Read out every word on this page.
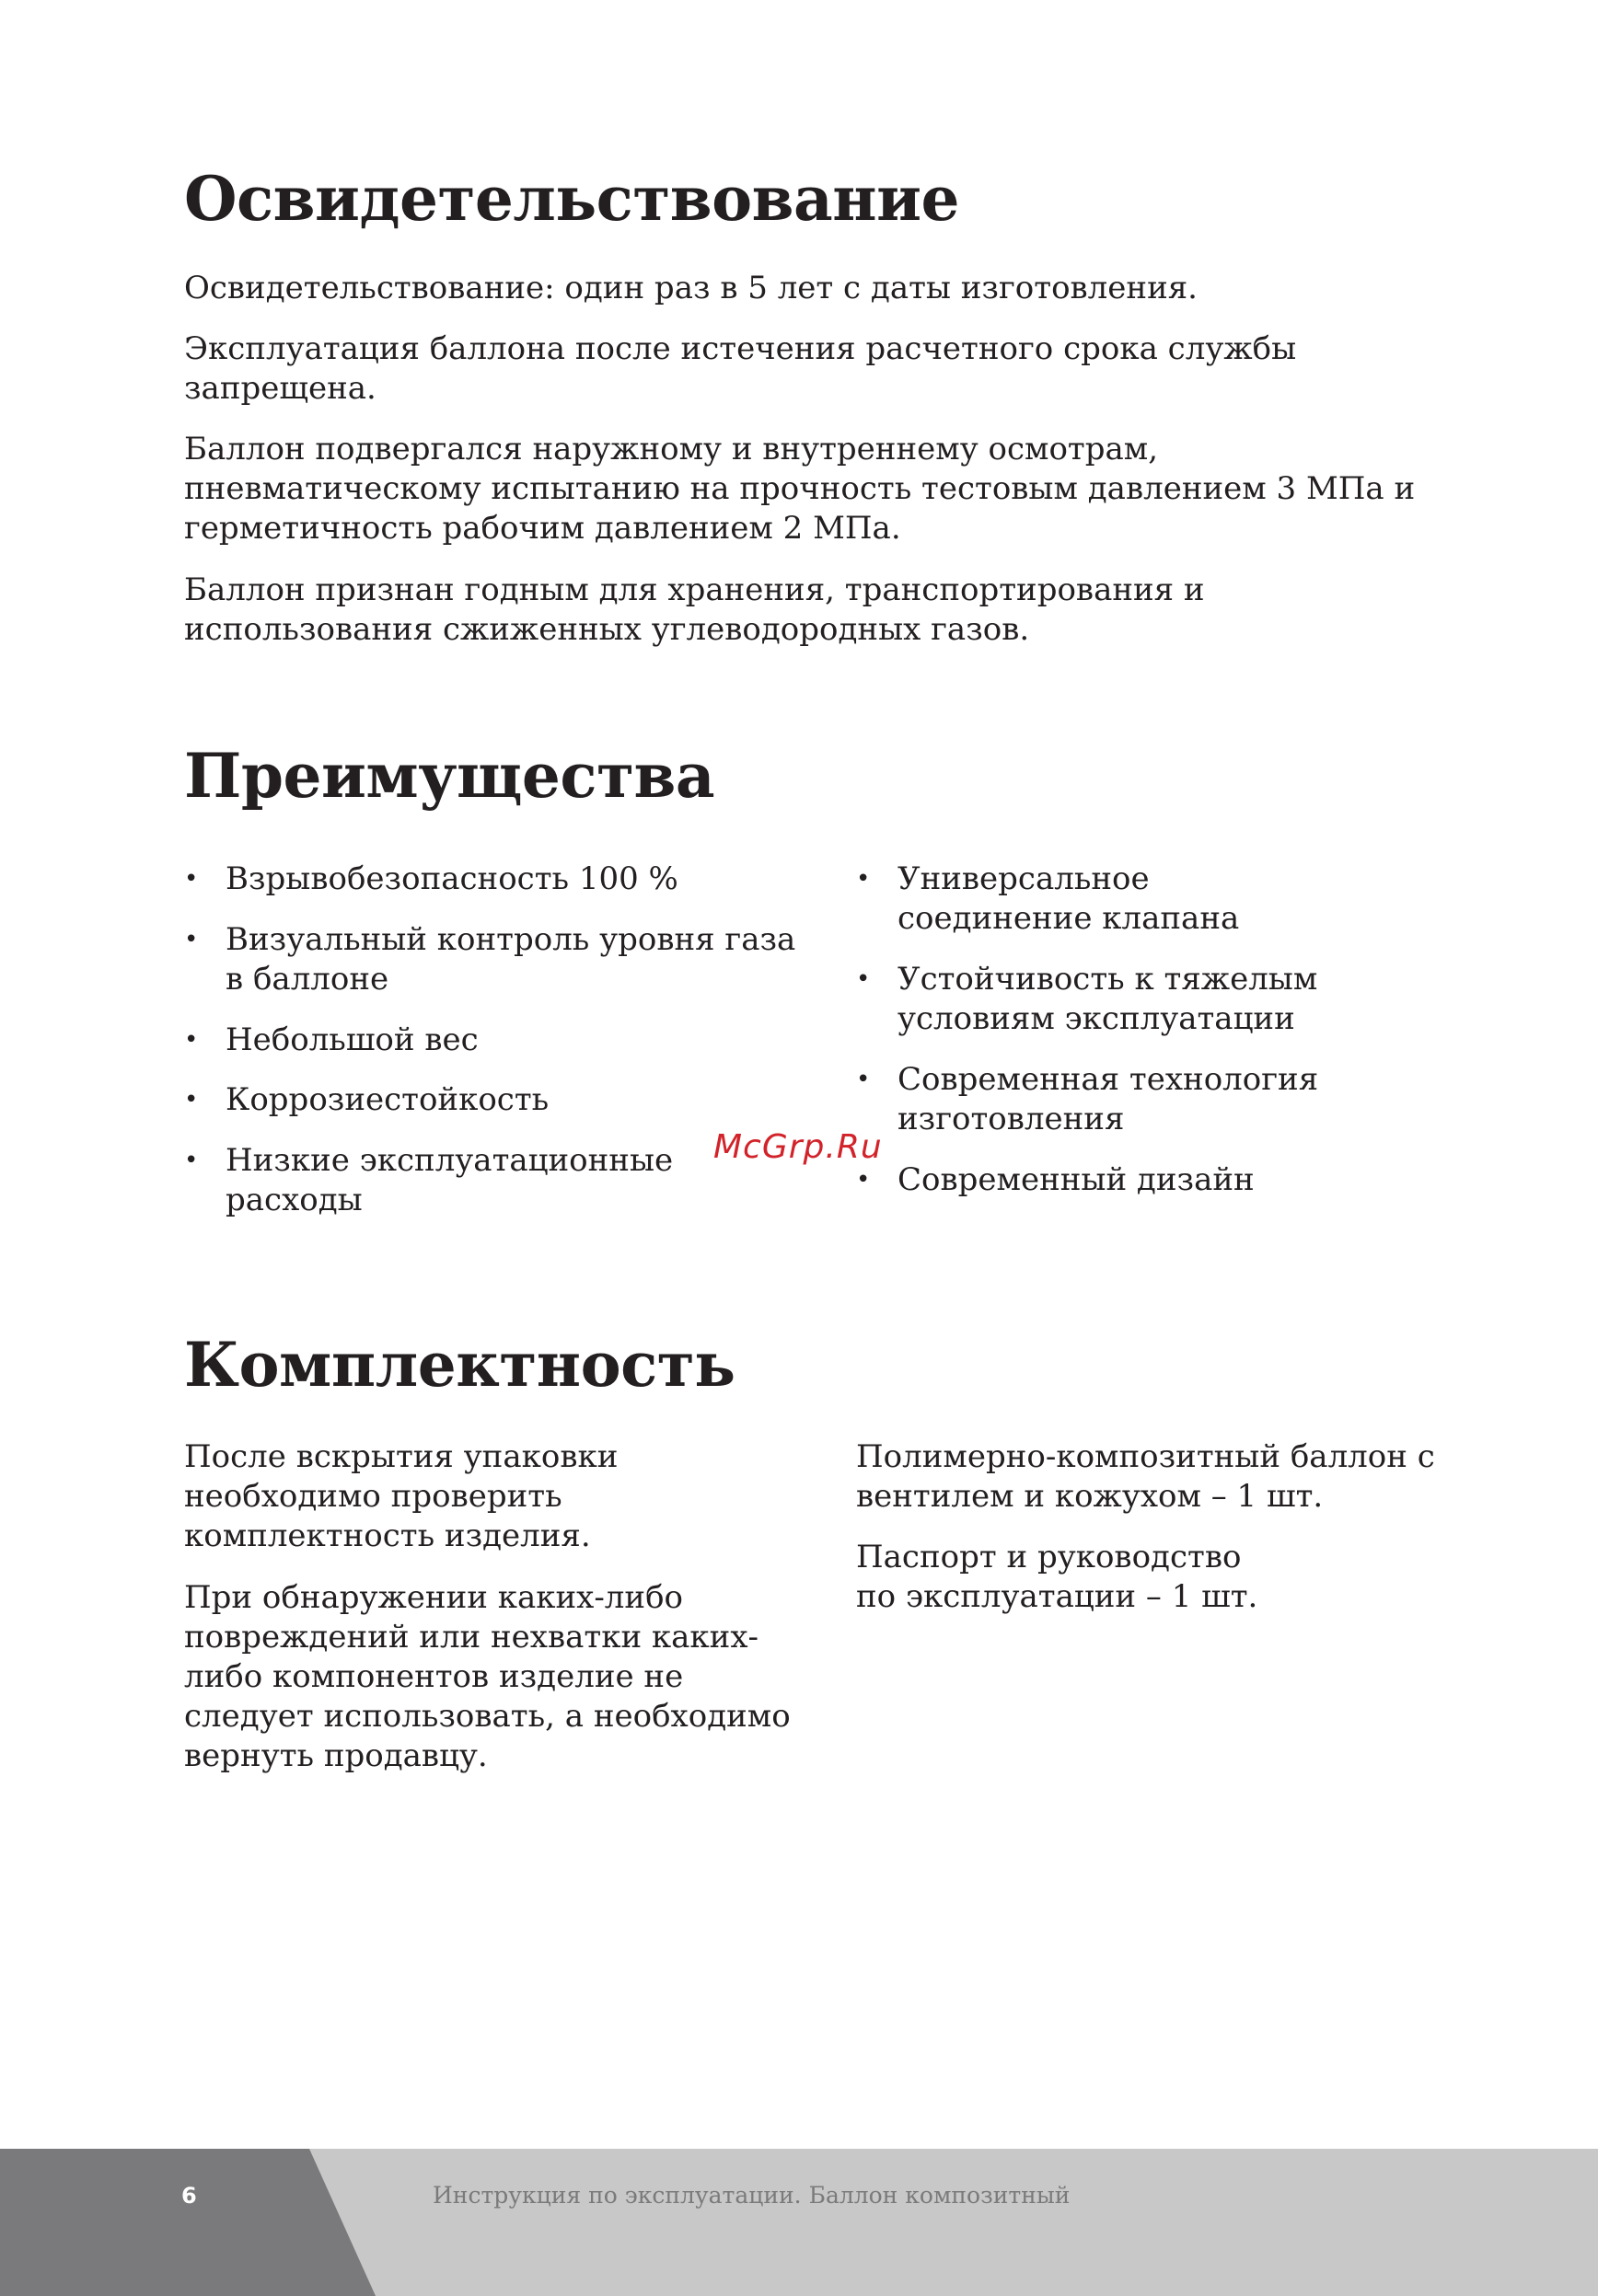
Освидетельствование

Освидетельствование: один раз в 5 лет с даты изготовления.

Эксплуатация баллона после истечения расчетного срока службы запрещена.

Баллон подвергался наружному и внутреннему осмотрам, пневматическому испытанию на прочность тестовым давлением 3 МПа и герметичность рабочим давлением 2 МПа.

Баллон признан годным для хранения, транспортирования и использования сжиженных углеводородных газов.

Преимущества
• Взрывобезопасность 100 %

• Визуальный контроль уровня газа в баллоне

• Небольшой вес

• Коррозиестойкость

• Низкие эксплуатационные расходы

• Универсальное соединение клапана

• Устойчивость к тяжелым условиям эксплуатации

• Современная технология изготовления

• Современный дизайн

McGrp.Ru
Комплектность

После вскрытия упаковки необходимо проверить комплектность изделия.

При обнаружении каких-либо повреждений или нехватки каких-либо компонентов изделие не следует использовать, а необходимо вернуть продавцу.

Полимерно-композитный баллон с вентилем и кожухом – 1 шт.

Паспорт и руководство по эксплуатации – 1 шт.

6	Инструкция по эксплуатации. Баллон композитный
